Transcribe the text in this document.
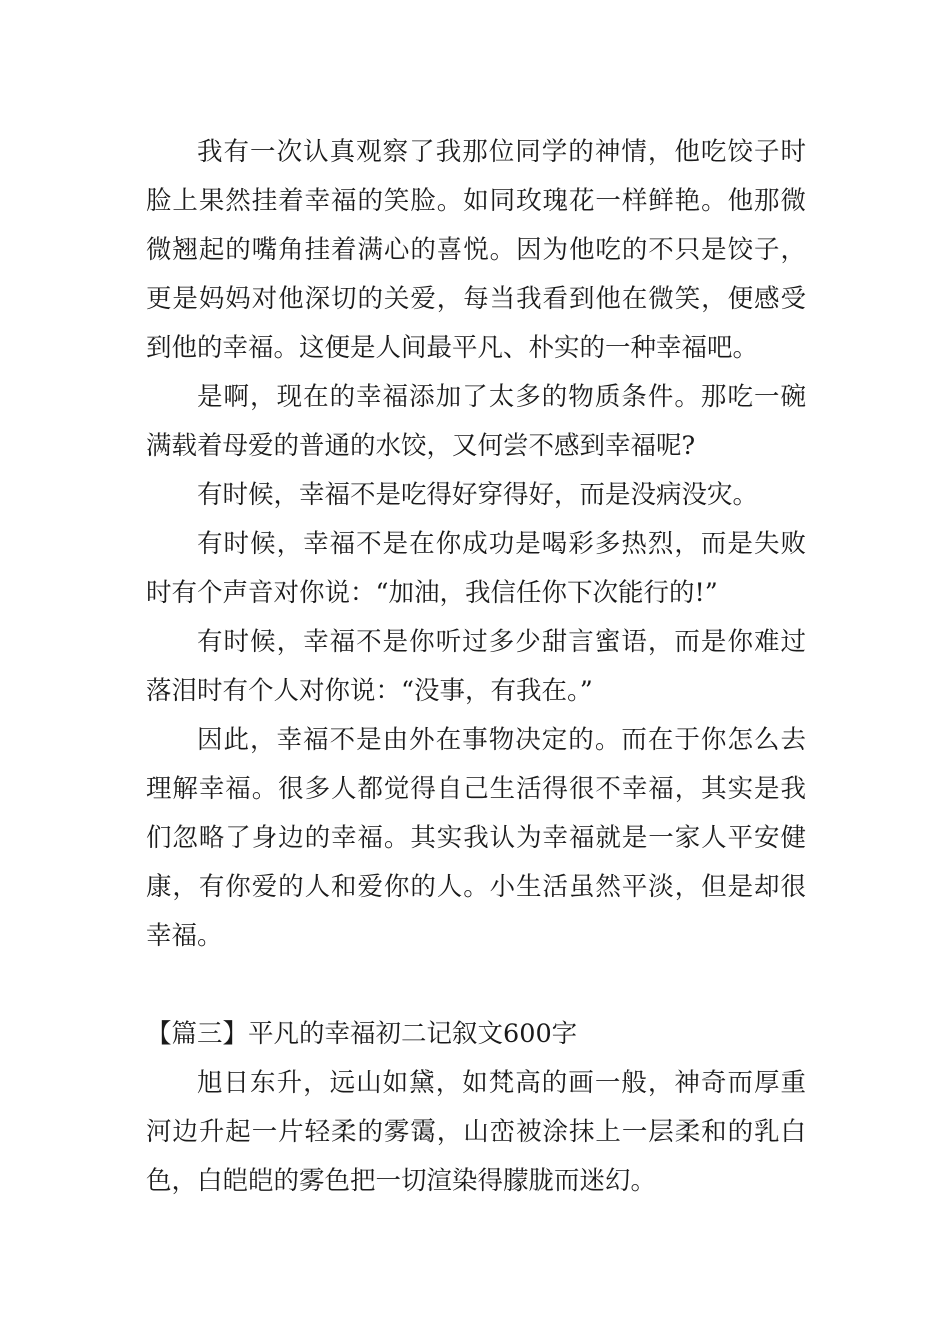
我有一次认真观察了我那位同学的神情，他吃饺子时脸上果然挂着幸福的笑脸。如同玫瑰花一样鲜艳。他那微微翘起的嘴角挂着满心的喜悦。因为他吃的不只是饺子，更是妈妈对他深切的关爱，每当我看到他在微笑，便感受到他的幸福。这便是人间最平凡、朴实的一种幸福吧。

是啊，现在的幸福添加了太多的物质条件。那吃一碗满载着母爱的普通的水饺，又何尝不感到幸福呢?

有时候，幸福不是吃得好穿得好，而是没病没灾。

有时候，幸福不是在你成功是喝彩多热烈，而是失败时有个声音对你说：“加油，我信任你下次能行的!”

有时候，幸福不是你听过多少甜言蜜语，而是你难过落泪时有个人对你说：“没事，有我在。”

因此，幸福不是由外在事物决定的。而在于你怎么去理解幸福。很多人都觉得自己生活得很不幸福，其实是我们忽略了身边的幸福。其实我认为幸福就是一家人平安健康，有你爱的人和爱你的人。小生活虽然平淡，但是却很幸福。

【篇三】平凡的幸福初二记叙文600字

旭日东升，远山如黛，如梵高的画一般，神奇而厚重河边升起一片轻柔的雾霭，山峦被涂抹上一层柔和的乳白色，白皑皑的雾色把一切渲染得朦胧而迷幻。
